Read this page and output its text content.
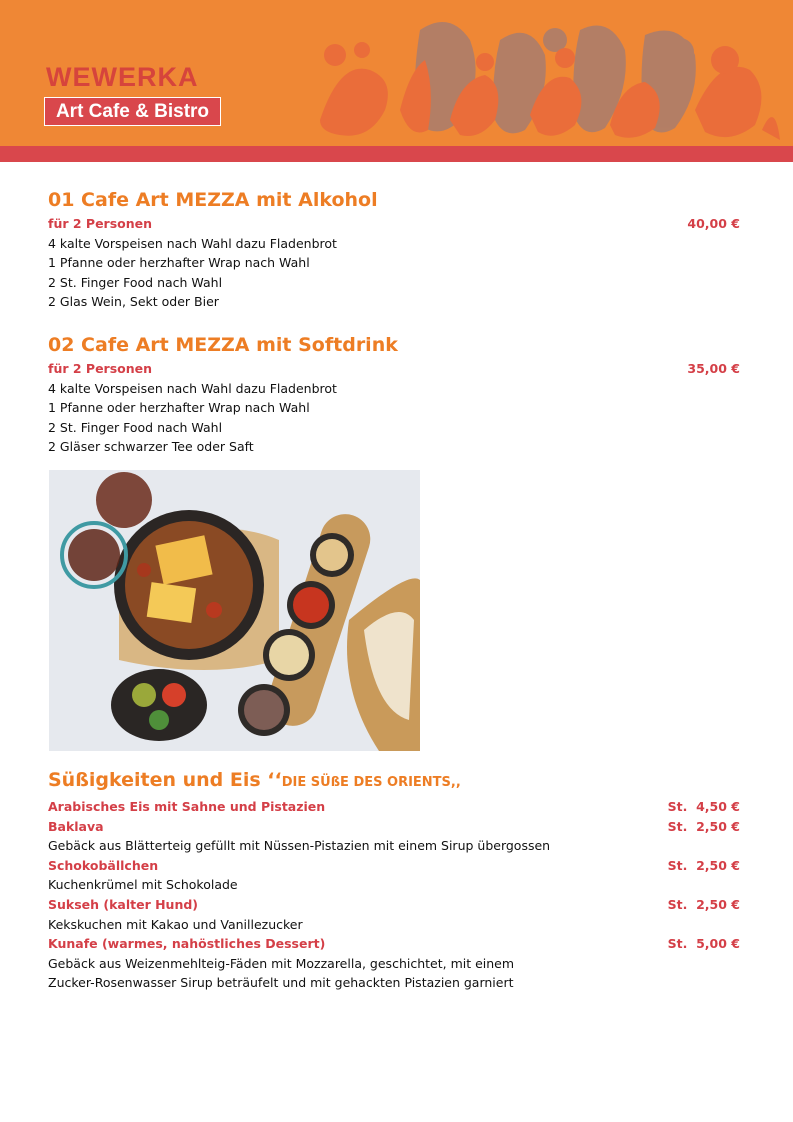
WEWERKA
Art Cafe & Bistro
01 Cafe Art MEZZA mit Alkohol
für 2 Personen	40,00 €
4 kalte Vorspeisen nach Wahl dazu Fladenbrot
1 Pfanne oder herzhafter Wrap nach Wahl
2 St. Finger Food nach Wahl
2 Glas Wein, Sekt oder Bier
02 Cafe Art MEZZA mit Softdrink
für 2 Personen	35,00 €
4 kalte Vorspeisen nach Wahl dazu Fladenbrot
1 Pfanne oder herzhafter Wrap nach Wahl
2 St. Finger Food nach Wahl
2 Gläser schwarzer Tee oder Saft
Süßigkeiten und Eis ‘‘DIE SÜßE DES ORIENTS,,
Arabisches Eis mit Sahne und Pistazien	St.  4,50 €
Baklava	St.  2,50 €
Gebäck aus Blätterteig gefüllt mit Nüssen-Pistazien mit einem Sirup übergossen
Schokobällchen	St.  2,50 €
Kuchenkrümel mit Schokolade
Sukseh (kalter Hund)	St.  2,50 €
Kekskuchen mit Kakao und Vanillezucker
Kunafe (warmes, nahöstliches Dessert)	St.  5,00 €
Gebäck aus Weizenmehlteig-Fäden mit Mozzarella, geschichtet, mit einem
Zucker-Rosenwasser Sirup beträufelt und mit gehackten Pistazien garniert
